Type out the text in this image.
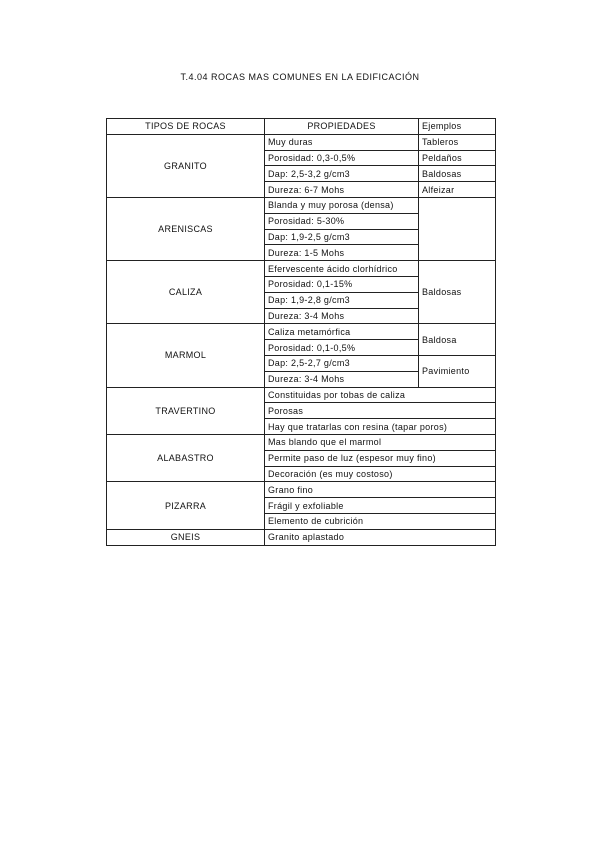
T.4.04 ROCAS MAS COMUNES EN LA EDIFICACIÓN
TIPOS DE ROCAS	PROPIEDADES	Ejemplos
GRANITO	Muy duras	Tableros
	Porosidad: 0,3-0,5%	Peldaños
	Dap: 2,5-3,2 g/cm3	Baldosas
	Dureza: 6-7 Mohs	Alfeizar
ARENISCAS	Blanda y muy porosa (densa)	
	Porosidad: 5-30%	
	Dap: 1,9-2,5 g/cm3	
	Dureza: 1-5 Mohs	
CALIZA	Efervescente ácido clorhídrico	Baldosas
	Porosidad: 0,1-15%	
	Dap: 1,9-2,8 g/cm3	
	Dureza: 3-4 Mohs	
MARMOL	Caliza metamórfica	Baldosa
	Porosidad: 0,1-0,5%	
	Dap: 2,5-2,7 g/cm3	Pavimiento
	Dureza: 3-4 Mohs	
TRAVERTINO	Constituidas por tobas de caliza	
	Porosas	
	Hay que tratarlas con resina (tapar poros)	
ALABASTRO	Mas blando que el marmol	
	Permite paso de luz (espesor muy fino)	
	Decoración (es muy costoso)	
PIZARRA	Grano fino	
	Frágil y exfoliable	
	Elemento de cubrición	
GNEIS	Granito aplastado	
